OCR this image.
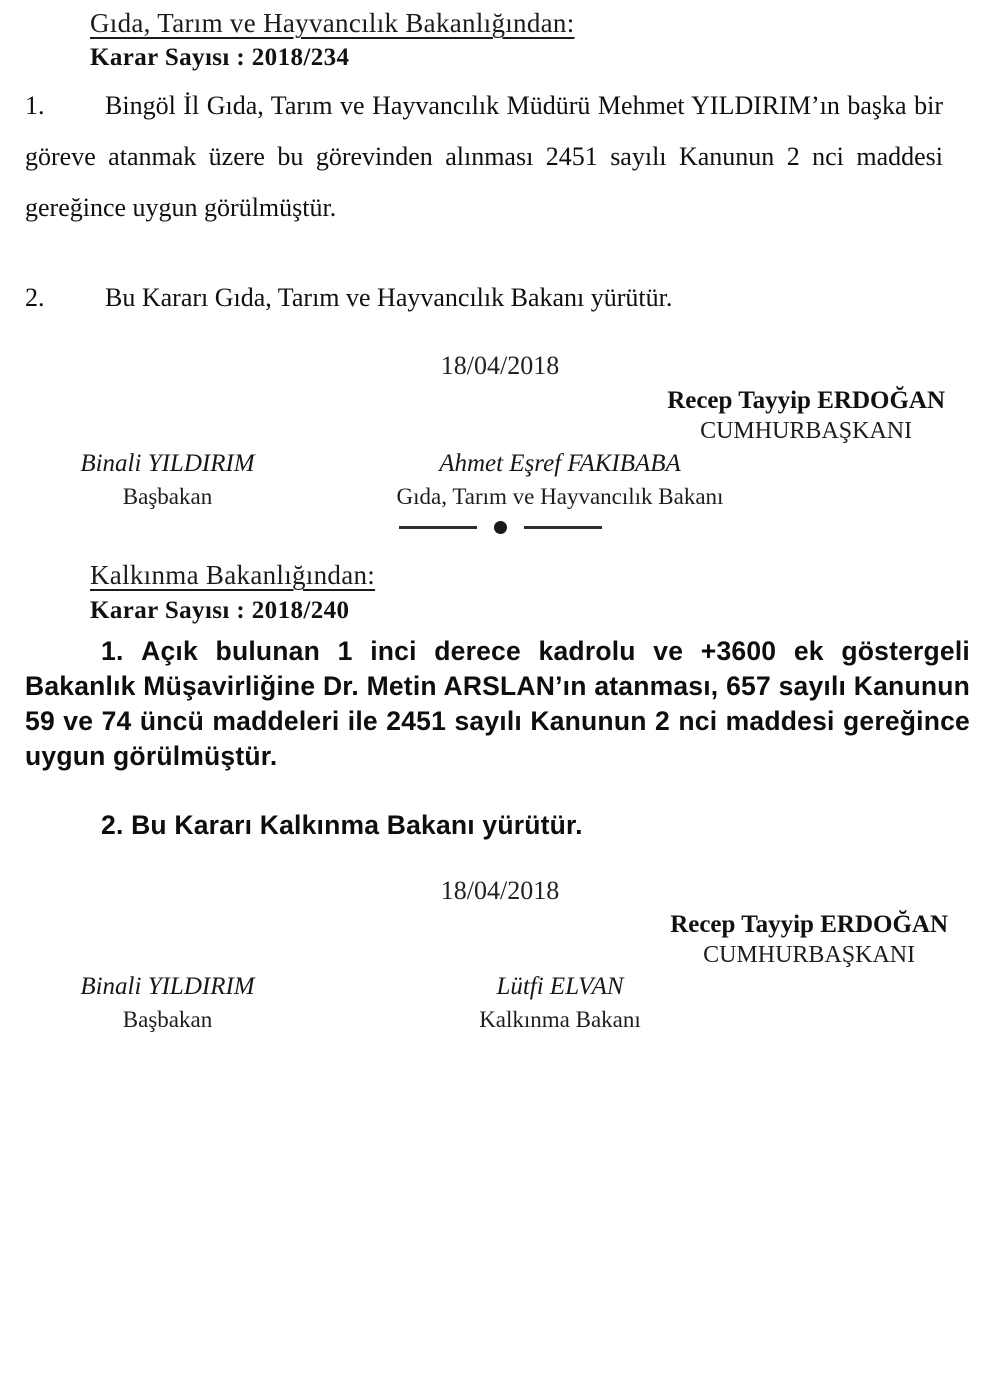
Gıda, Tarım ve Hayvancılık Bakanlığından:
Karar Sayısı : 2018/234

1. Bingöl İl Gıda, Tarım ve Hayvancılık Müdürü Mehmet YILDIRIM’ın başka bir göreve atanmak üzere bu görevinden alınması 2451 sayılı Kanunun 2 nci maddesi gereğince uygun görülmüştür.

2. Bu Kararı Gıda, Tarım ve Hayvancılık Bakanı yürütür.

18/04/2018
Recep Tayyip ERDOĞAN
CUMHURBAŞKANI
Binali YILDIRIM
Başbakan
Ahmet Eşref FAKIBABA
Gıda, Tarım ve Hayvancılık Bakanı
Kalkınma Bakanlığından:
Karar Sayısı : 2018/240

1. Açık bulunan 1 inci derece kadrolu ve +3600 ek göstergeli Bakanlık Müşavirliğine Dr. Metin ARSLAN’ın atanması, 657 sayılı Kanunun 59 ve 74 üncü maddeleri ile 2451 sayılı Kanunun 2 nci maddesi gereğince uygun görülmüştür.

2. Bu Kararı Kalkınma Bakanı yürütür.

18/04/2018
Recep Tayyip ERDOĞAN
CUMHURBAŞKANI
Binali YILDIRIM
Başbakan
Lütfi ELVAN
Kalkınma Bakanı
